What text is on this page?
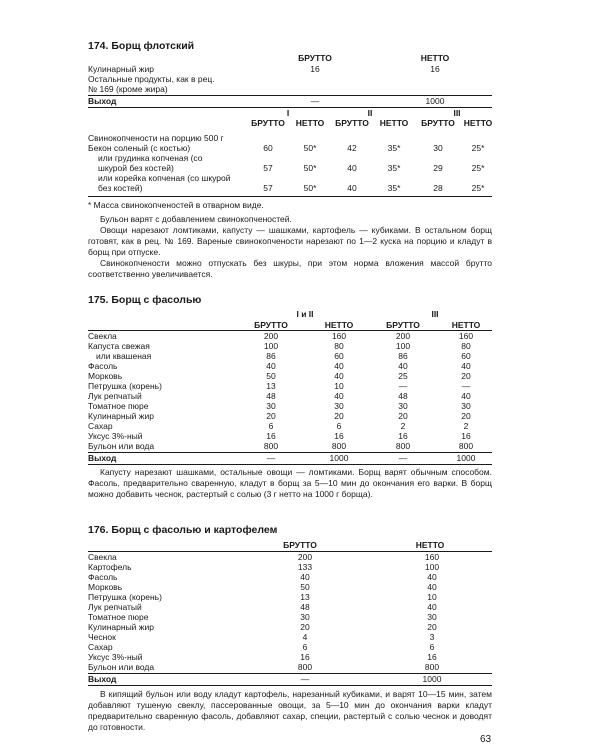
174. Борщ флотский
БРУТТО	НЕТТО
Кулинарный жир	16	16
Остальные продукты, как в рец.
№ 169 (кроме жира)
Выход	—	1000
I	II	III
БРУТТО	НЕТТО	БРУТТО	НЕТТО	БРУТТО	НЕТТО
Свинокопчености на порцию 500 г
Бекон соленый (с костью)	60	50*	42	35*	30	25*
или грудинка копченая (со
шкурой без костей)	57	50*	40	35*	29	25*
или корейка копченая (со шкурой
без костей)	57	50*	40	35*	28	25*
* Масса свинокопченостей в отварном виде.
Бульон варят с добавлением свинокопченостей.
Овощи нарезают ломтиками, капусту — шашками, картофель — кубиками. В остальном борщ готовят, как в рец. № 169. Вареные свинокопчености нарезают по 1—2 куска на порцию и кладут в борщ при отпуске.
Свинокопчености можно отпускать без шкуры, при этом норма вложения массой брутто соответственно увеличивается.
175. Борщ с фасолью
I и II	III
БРУТТО	НЕТТО	БРУТТО	НЕТТО
Свекла	200	160	200	160
Капуста свежая	100	80	100	80
или квашеная	86	60	86	60
Фасоль	40	40	40	40
Морковь	50	40	25	20
Петрушка (корень)	13	10	—	—
Лук репчатый	48	40	48	40
Томатное пюре	30	30	30	30
Кулинарный жир	20	20	20	20
Сахар	6	6	2	2
Уксус 3%-ный	16	16	16	16
Бульон или вода	800	800	800	800
Выход	—	1000	—	1000
Капусту нарезают шашками, остальные овощи — ломтиками. Борщ варят обычным способом. Фасоль, предварительно сваренную, кладут в борщ за 5—10 мин до окончания его варки. В борщ можно добавить чеснок, растертый с солью (3 г нетто на 1000 г борща).
176. Борщ с фасолью и картофелем
БРУТТО	НЕТТО
Свекла	200	160
Картофель	133	100
Фасоль	40	40
Морковь	50	40
Петрушка (корень)	13	10
Лук репчатый	48	40
Томатное пюре	30	30
Кулинарный жир	20	20
Чеснок	4	3
Сахар	6	6
Уксус 3%-ный	16	16
Бульон или вода	800	800
Выход	—	1000
В кипящий бульон или воду кладут картофель, нарезанный кубиками, и варят 10—15 мин, затем добавляют тушеную свеклу, пассерованные овощи, за 5—10 мин до окончания варки кладут предварительно сваренную фасоль, добавляют сахар, специи, растертый с солью чеснок и доводят до готовности.
63
